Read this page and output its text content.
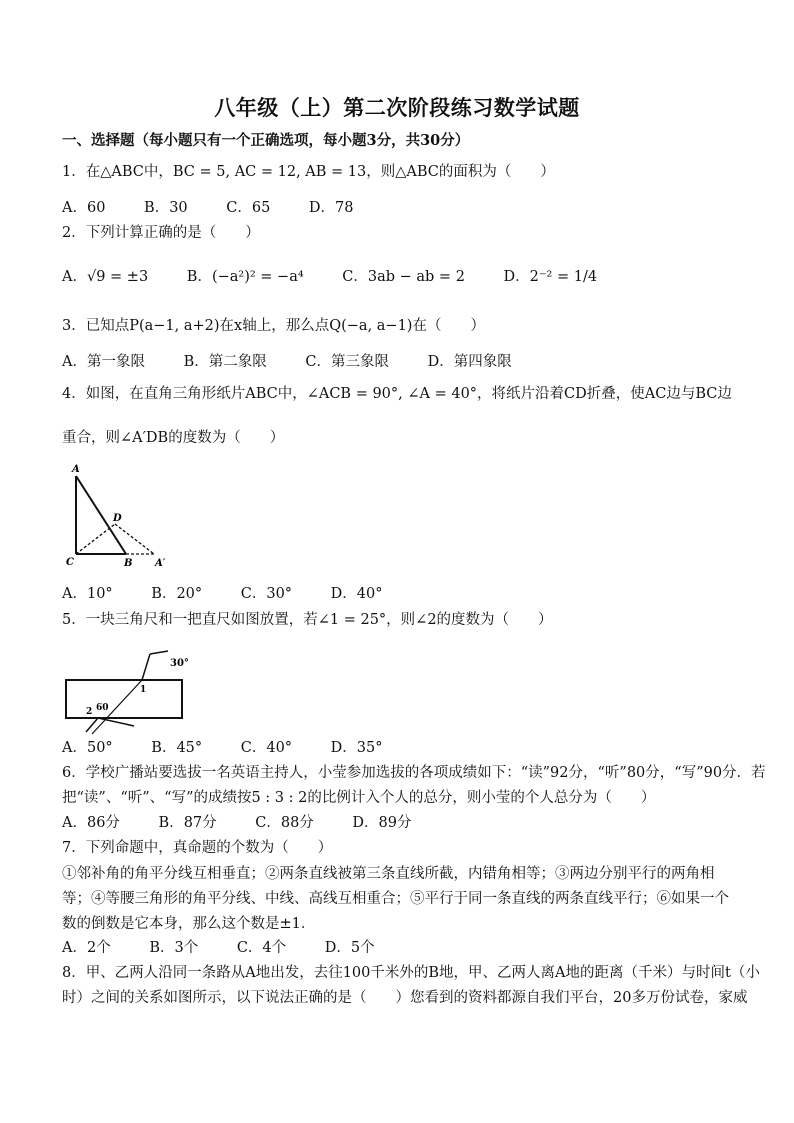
八年级（上）第二次阶段练习数学试题
一、选择题（每小题只有一个正确选项，每小题3分，共30分）
1．在△ABC中，BC = 5, AC = 12, AB = 13，则△ABC的面积为（　　）
A．60	B．30	C．65	D．78
2．下列计算正确的是（　　）
A．√9 = ±3	B．(−a²)² = −a⁴	C．3ab − ab = 2	D．2⁻² = 1/4
3．已知点P(a−1, a+2)在x轴上，那么点Q(−a, a−1)在（　　）
A．第一象限	B．第二象限	C．第三象限	D．第四象限
4．如图，在直角三角形纸片ABC中，∠ACB = 90°, ∠A = 40°，将纸片沿着CD折叠，使AC边与BC边
重合，则∠A′DB的度数为（　　）
A
D
C	B A′
A．10°	B．20°	C．30°	D．40°
5．一块三角尺和一把直尺如图放置，若∠1 = 25°，则∠2的度数为（　　）
30°
1
2 60
A．50°	B．45°	C．40°	D．35°
6．学校广播站要选拔一名英语主持人，小莹参加选拔的各项成绩如下：“读”92分，“听”80分，“写”90分．若
把“读”、“听”、“写”的成绩按5 : 3 : 2的比例计入个人的总分，则小莹的个人总分为（　　）
A．86分	B．87分	C．88分	D．89分
7．下列命题中，真命题的个数为（　　）
①邻补角的角平分线互相垂直；②两条直线被第三条直线所截，内错角相等；③两边分别平行的两角相等；④等腰三角形的角平分线、中线、高线互相重合；⑤平行于同一条直线的两条直线平行；⑥如果一个数的倒数是它本身，那么这个数是±1．
A．2个	B．3个	C．4个	D．5个
8．甲、乙两人沿同一条路从A地出发，去往100千米外的B地，甲、乙两人离A地的距离（千米）与时间t（小
时）之间的关系如图所示，以下说法正确的是（　　）您看到的资料都源自我们平台，20多万份试卷，家威
